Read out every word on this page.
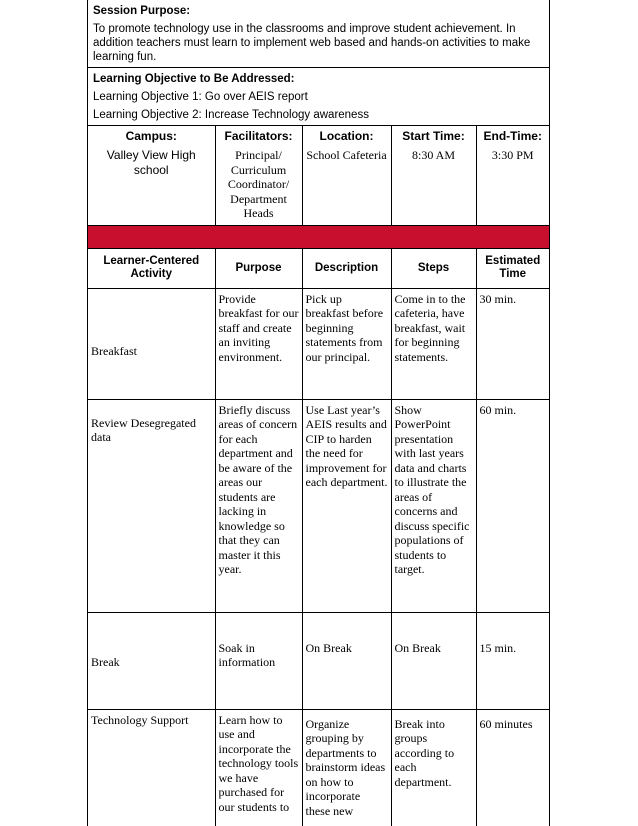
Session Purpose:

To promote technology use in the classrooms and improve student achievement. In addition teachers must learn to implement web based and hands-on activities to make learning fun.

Learning Objective to Be Addressed:

Learning Objective 1: Go over AEIS report

Learning Objective 2: Increase Technology awareness

Campus:
Valley View High school

Facilitators:
Principal/ Curriculum Coordinator/ Department Heads

Location:
School Cafeteria

Start Time:
8:30 AM

End-Time:
3:30 PM
Learner-Centered Activity	Purpose	Description	Steps	Estimated Time
Breakfast	Provide breakfast for our staff and create an inviting environment.	Pick up breakfast before beginning statements from our principal.	Come in to the cafeteria, have breakfast, wait for beginning statements.	30 min.
Review Desegregated data	Briefly discuss areas of concern for each department and be aware of the areas our students are lacking in knowledge so that they can master it this year.	Use Last year’s AEIS results and CIP to harden the need for improvement for each department.	Show PowerPoint presentation with last years data and charts to illustrate the areas of concerns and discuss specific populations of students to target.	60 min.
Break	Soak in information	On Break	On Break	15 min.
Technology Support	Learn how to use and incorporate the technology tools we have purchased for our students to	Organize grouping by departments to brainstorm ideas on how to incorporate these new	Break into groups according to each department.	60 minutes
